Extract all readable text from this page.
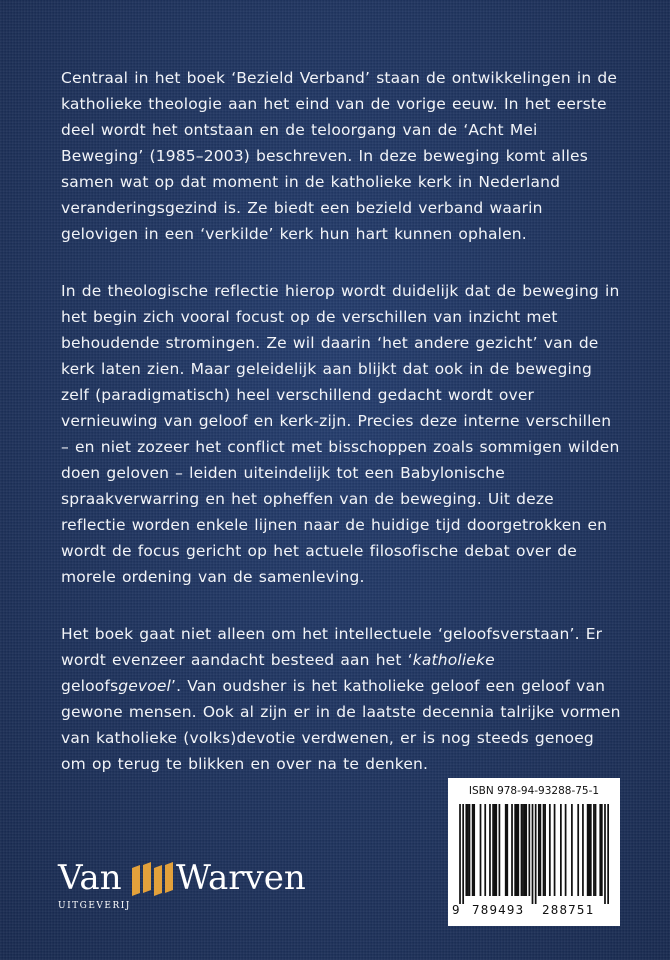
Centraal in het boek ‘Bezield Verband’ staan de ontwikkelingen in de katholieke theologie aan het eind van de vorige eeuw. In het eerste deel wordt het ontstaan en de teloorgang van de ‘Acht Mei Beweging’ (1985–2003) beschreven. In deze beweging komt alles samen wat op dat moment in de katholieke kerk in Nederland veranderingsgezind is. Ze biedt een bezield verband waarin gelovigen in een ‘verkilde’ kerk hun hart kunnen ophalen.

In de theologische reflectie hierop wordt duidelijk dat de beweging in het begin zich vooral focust op de verschillen van inzicht met behoudende stromingen. Ze wil daarin ‘het andere gezicht’ van de kerk laten zien. Maar geleidelijk aan blijkt dat ook in de beweging zelf (paradigmatisch) heel verschillend gedacht wordt over vernieuwing van geloof en kerk-zijn. Precies deze interne verschillen – en niet zozeer het conflict met bisschoppen zoals sommigen wilden doen geloven – leiden uiteindelijk tot een Babylonische spraakverwarring en het opheffen van de beweging. Uit deze reflectie worden enkele lijnen naar de huidige tijd doorgetrokken en wordt de focus gericht op het actuele filosofische debat over de morele ordening van de samenleving.

Het boek gaat niet alleen om het intellectuele ‘geloofsverstaan’. Er wordt evenzeer aandacht besteed aan het ‘katholieke geloofsgevoel’. Van oudsher is het katholieke geloof een geloof van gewone mensen. Ook al zijn er in de laatste decennia talrijke vormen van katholieke (volks)devotie verdwenen, er is nog steeds genoeg om op terug te blikken en over na te denken.

Van Warven
UITGEVERIJ
ISBN 978-94-93288-75-1
9 789493 288751
